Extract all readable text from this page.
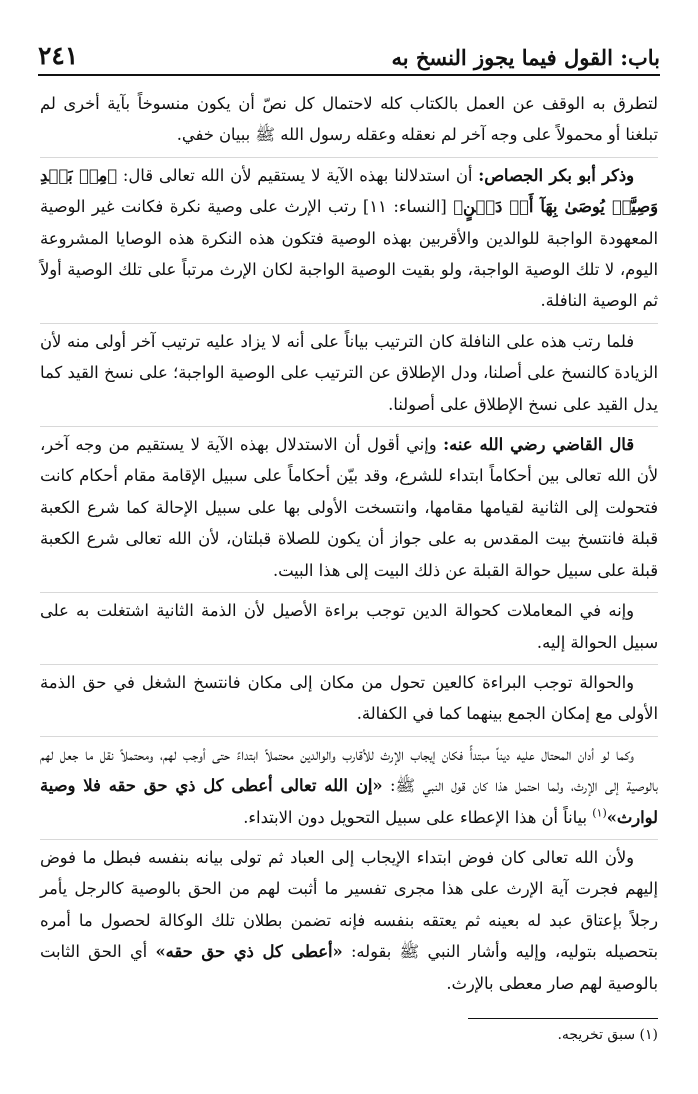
باب: القول فيما يجوز النسخ به
٢٤١

لتطرق به الوقف عن العمل بالكتاب كله لاحتمال كل نصّ أن يكون منسوخاً بآية أخرى لم تبلغنا أو محمولاً على وجه آخر لم نعقله وعقله رسول الله ﷺ ببيان خفي.

وذكر أبو بكر الجصاص: أن استدلالنا بهذه الآية لا يستقيم لأن الله تعالى قال: ﴿مِنۢ بَعۡدِ وَصِيَّةٖ يُوصَىٰ بِهَآ أَوۡ دَيۡنٍ﴾ [النساء: ١١] رتب الإرث على وصية نكرة فكانت غير الوصية المعهودة الواجبة للوالدين والأقربين بهذه الوصية فتكون هذه النكرة هذه الوصايا المشروعة اليوم، لا تلك الوصية الواجبة، ولو بقيت الوصية الواجبة لكان الإرث مرتباً على تلك الوصية أولاً ثم الوصية النافلة.

فلما رتب هذه على النافلة كان الترتيب بياناً على أنه لا يزاد عليه ترتيب آخر أولى منه لأن الزيادة كالنسخ على أصلنا، ودل الإطلاق عن الترتيب على الوصية الواجبة؛ على نسخ القيد كما يدل القيد على نسخ الإطلاق على أصولنا.

قال القاضي رضي الله عنه: وإني أقول أن الاستدلال بهذه الآية لا يستقيم من وجه آخر، لأن الله تعالى بين أحكاماً ابتداء للشرع، وقد بيّن أحكاماً على سبيل الإقامة مقام أحكام كانت فتحولت إلى الثانية لقيامها مقامها، وانتسخت الأولى بها على سبيل الإحالة كما شرع الكعبة قبلة فانتسخ بيت المقدس به على جواز أن يكون للصلاة قبلتان، لأن الله تعالى شرع الكعبة قبلة على سبيل حوالة القبلة عن ذلك البيت إلى هذا البيت.

وإنه في المعاملات كحوالة الدين توجب براءة الأصيل لأن الذمة الثانية اشتغلت به على سبيل الحوالة إليه.

والحوالة توجب البراءة كالعين تحول من مكان إلى مكان فانتسخ الشغل في حق الذمة الأولى مع إمكان الجمع بينهما كما في الكفالة.

وكما لو أدان المحتال عليه ديناً مبتدأً فكان إيجاب الإرث للأقارب والوالدين محتملاً ابتداءً حتى أوجب لهم، ومحتملاً نقل ما جعل لهم بالوصية إلى الإرث، ولما احتمل هذا كان قول النبي ﷺ: «إن الله تعالى أعطى كل ذي حق حقه فلا وصية لوارث»$^{(١)}$ بياناً أن هذا الإعطاء على سبيل التحويل دون الابتداء.

ولأن الله تعالى كان فوض ابتداء الإيجاب إلى العباد ثم تولى بيانه بنفسه فبطل ما فوض إليهم فجرت آية الإرث على هذا مجرى تفسير ما أثبت لهم من الحق بالوصية كالرجل يأمر رجلاً بإعتاق عبد له بعينه ثم يعتقه بنفسه فإنه تضمن بطلان تلك الوكالة لحصول ما أمره بتحصيله بتوليه، وإليه وأشار النبي ﷺ بقوله: «أعطى كل ذي حق حقه» أي الحق الثابت بالوصية لهم صار معطى بالإرث.

(١) سبق تخريجه.
